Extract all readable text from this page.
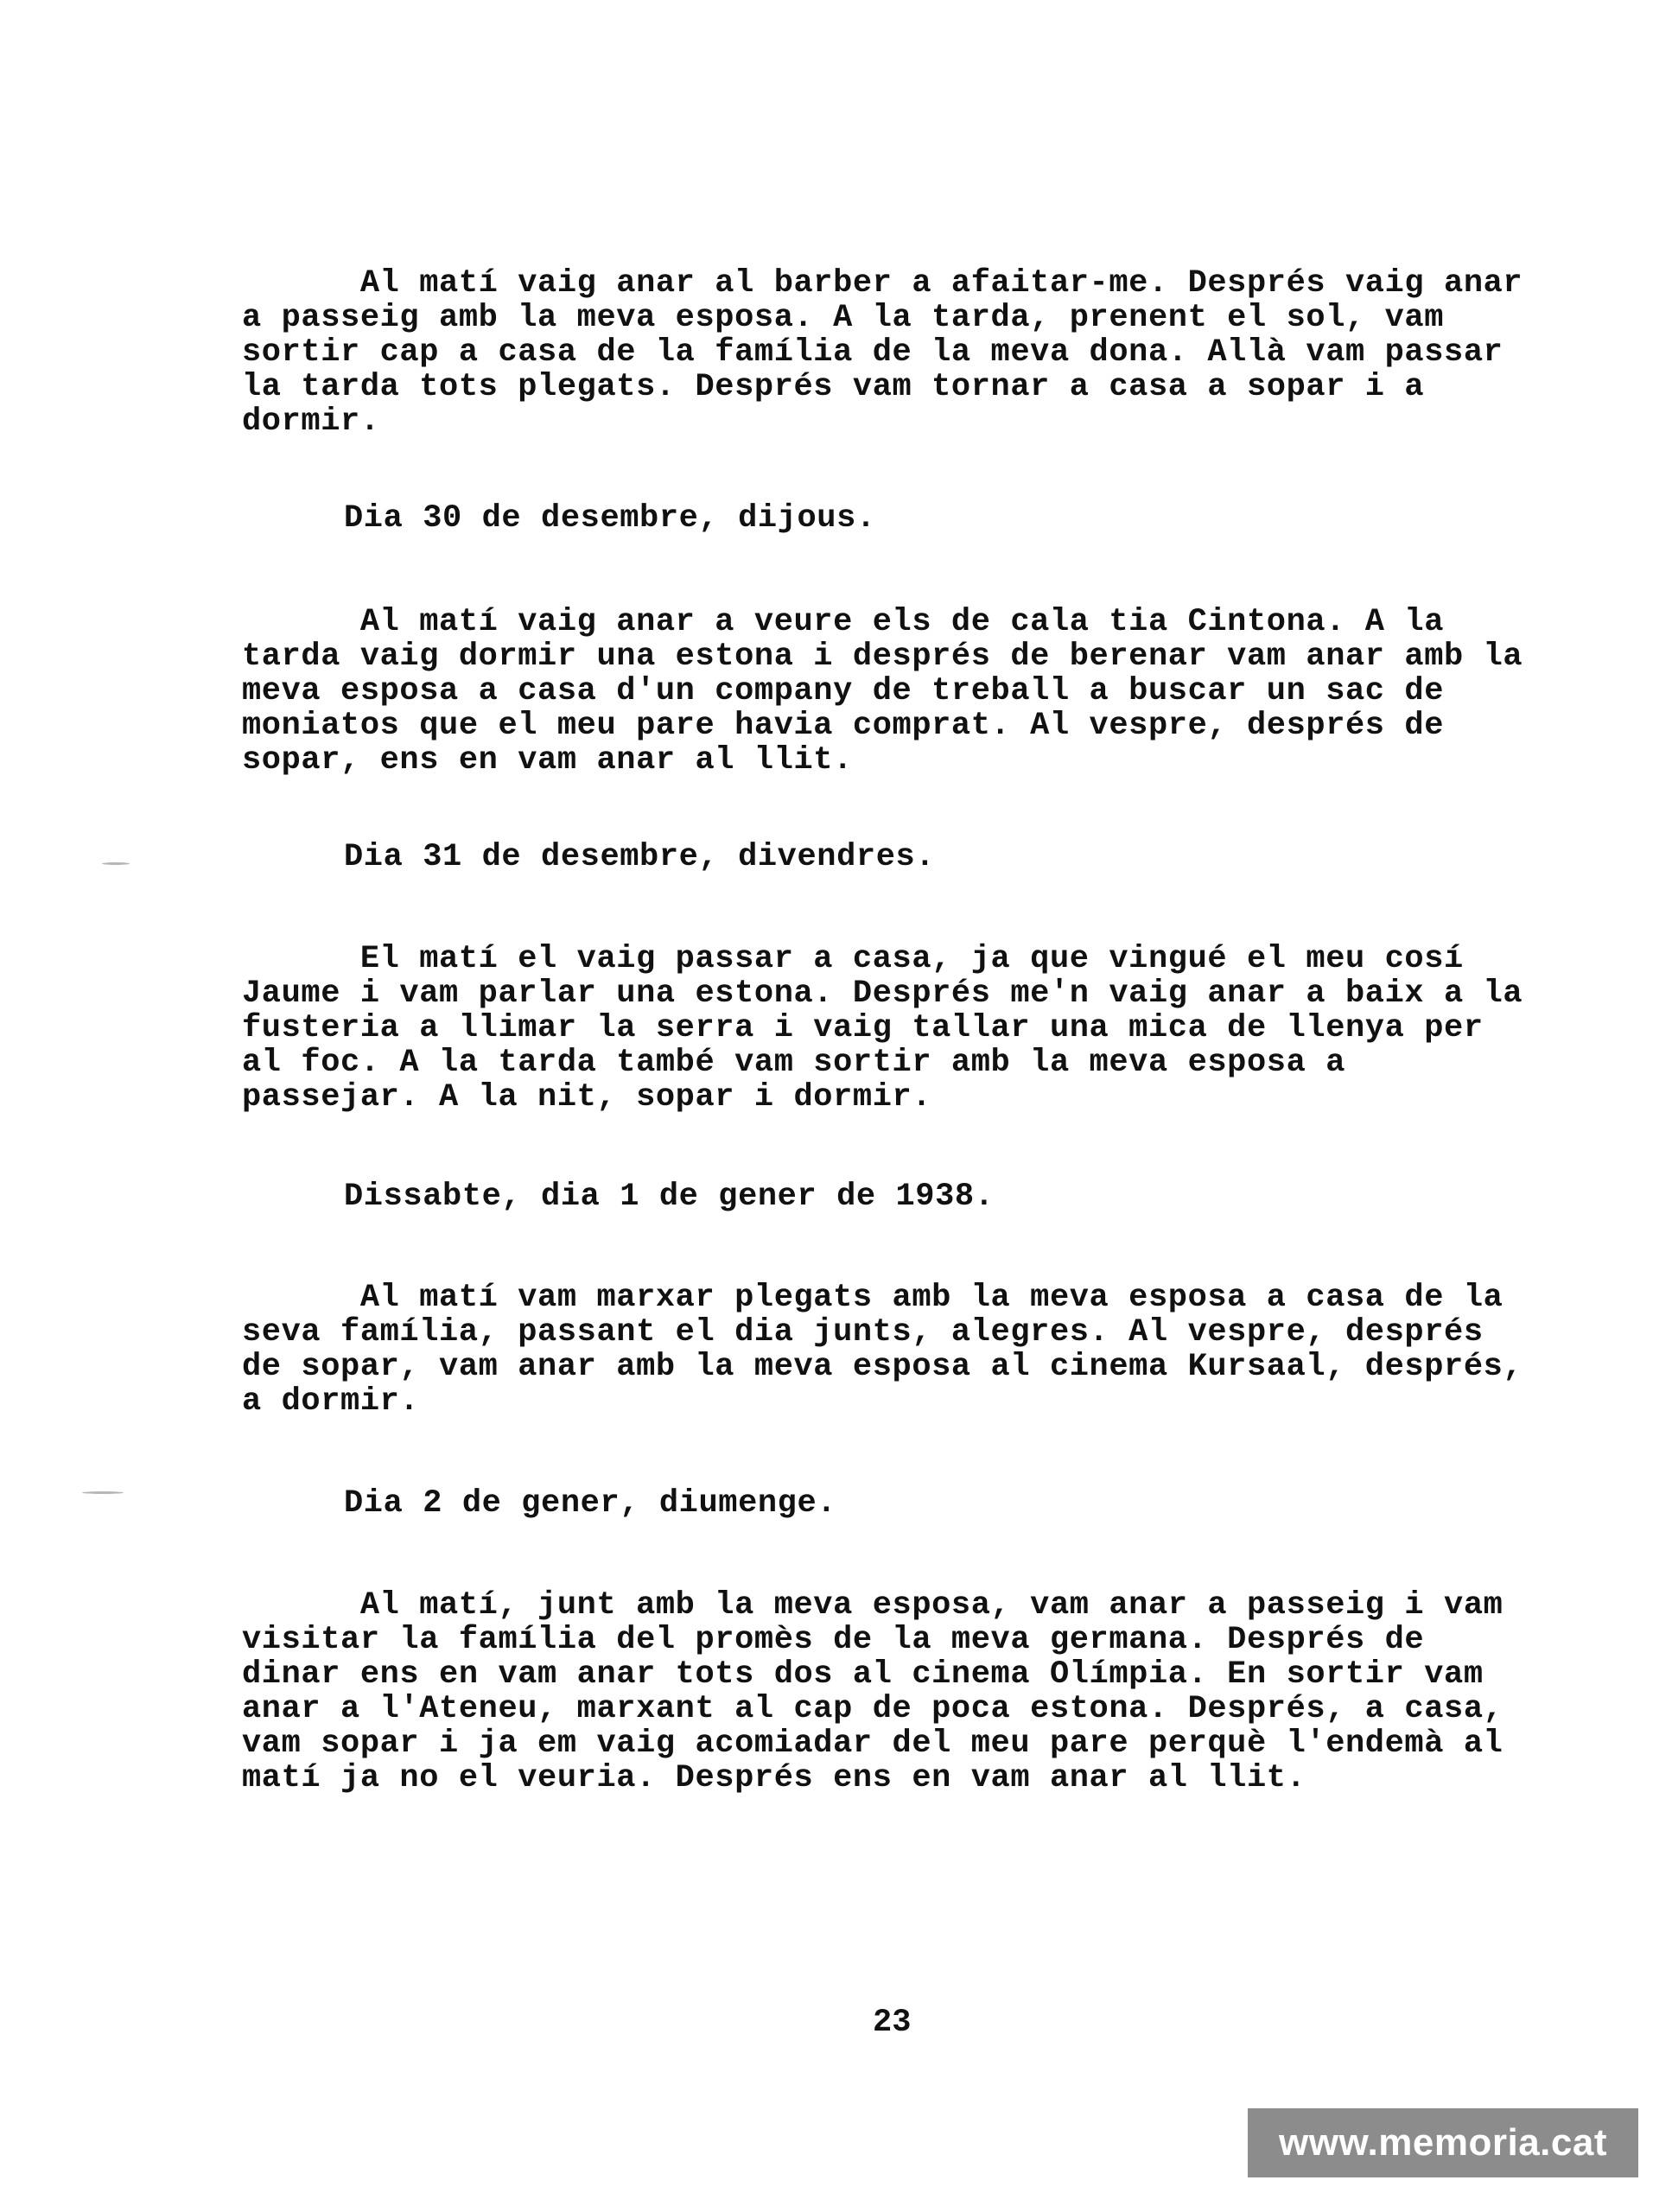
Al matí vaig anar al barber a afaitar-me. Després vaig anar
a passeig amb la meva esposa. A la tarda, prenent el sol, vam
sortir cap a casa de la família de la meva dona. Allà vam passar
la tarda tots plegats. Després vam tornar a casa a sopar i a
dormir.

Dia 30 de desembre, dijous.

Al matí vaig anar a veure els de cala tia Cintona. A la
tarda vaig dormir una estona i després de berenar vam anar amb la
meva esposa a casa d'un company de treball a buscar un sac de
moniatos que el meu pare havia comprat. Al vespre, després de
sopar, ens en vam anar al llit.

Dia 31 de desembre, divendres.

El matí el vaig passar a casa, ja que vingué el meu cosí
Jaume i vam parlar una estona. Després me'n vaig anar a baix a la
fusteria a llimar la serra i vaig tallar una mica de llenya per
al foc. A la tarda també vam sortir amb la meva esposa a
passejar. A la nit, sopar i dormir.

Dissabte, dia 1 de gener de 1938.

Al matí vam marxar plegats amb la meva esposa a casa de la
seva família, passant el dia junts, alegres. Al vespre, després
de sopar, vam anar amb la meva esposa al cinema Kursaal, després,
a dormir.

Dia 2 de gener, diumenge.

Al matí, junt amb la meva esposa, vam anar a passeig i vam
visitar la família del promès de la meva germana. Després de
dinar ens en vam anar tots dos al cinema Olímpia. En sortir vam
anar a l'Ateneu, marxant al cap de poca estona. Després, a casa,
vam sopar i ja em vaig acomiadar del meu pare perquè l'endemà al
matí ja no el veuria. Després ens en vam anar al llit.

23

www.memoria.cat
